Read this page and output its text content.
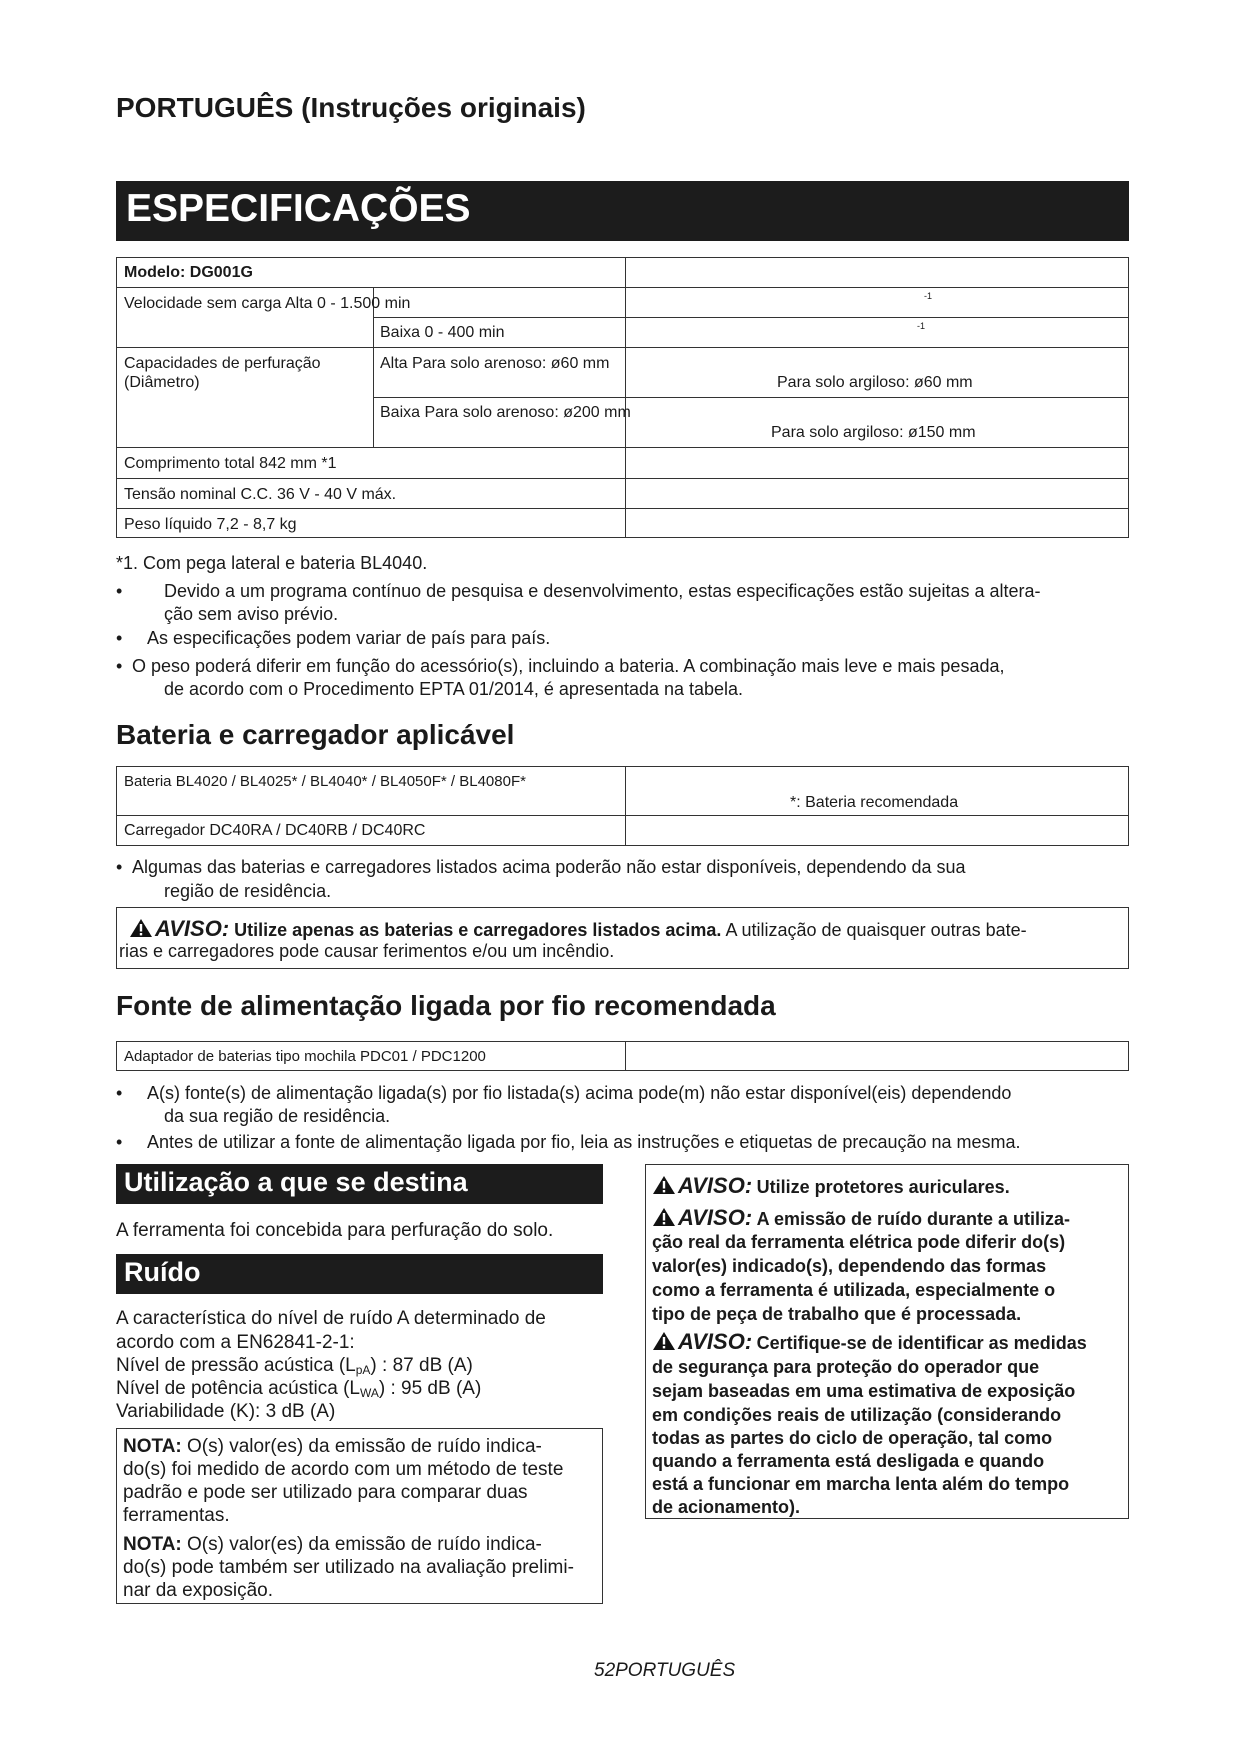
PORTUGUÊS (Instruções originais)
ESPECIFICAÇÕES
Modelo: DG001G
Velocidade sem carga Alta 0 - 1.500 min	-1
Baixa 0 - 400 min	-1
Capacidades de perfuração
(Diâmetro)
Alta Para solo arenoso: ø60 mm
Para solo argiloso: ø60 mm
Baixa Para solo arenoso: ø200 mm
Para solo argiloso: ø150 mm
Comprimento total 842 mm *1
Tensão nominal C.C. 36 V - 40 V máx.
Peso líquido 7,2 - 8,7 kg
*1. Com pega lateral e bateria BL4040.
• Devido a um programa contínuo de pesquisa e desenvolvimento, estas especificações estão sujeitas a altera-
ção sem aviso prévio.
• As especificações podem variar de país para país.
• O peso poderá diferir em função do acessório(s), incluindo a bateria. A combinação mais leve e mais pesada,
de acordo com o Procedimento EPTA 01/2014, é apresentada na tabela.
Bateria e carregador aplicável
Bateria BL4020 / BL4025* / BL4040* / BL4050F* / BL4080F*
*: Bateria recomendada
Carregador DC40RA / DC40RB / DC40RC
• Algumas das baterias e carregadores listados acima poderão não estar disponíveis, dependendo da sua
região de residência.
AVISO: Utilize apenas as baterias e carregadores listados acima. A utilização de quaisquer outras bate-
rias e carregadores pode causar ferimentos e/ou um incêndio.
Fonte de alimentação ligada por fio recomendada
Adaptador de baterias tipo mochila PDC01 / PDC1200
• A(s) fonte(s) de alimentação ligada(s) por fio listada(s) acima pode(m) não estar disponível(eis) dependendo
da sua região de residência.
• Antes de utilizar a fonte de alimentação ligada por fio, leia as instruções e etiquetas de precaução na mesma.
Utilização a que se destina
A ferramenta foi concebida para perfuração do solo.
Ruído
A característica do nível de ruído A determinado de
acordo com a EN62841-2-1:
Nível de pressão acústica $(L_{pA})$ : 87 dB (A)
Nível de potência acústica $(L_{WA})$ : 95 dB (A)
Variabilidade (K): 3 dB (A)
NOTA: O(s) valor(es) da emissão de ruído indica-
do(s) foi medido de acordo com um método de teste
padrão e pode ser utilizado para comparar duas
ferramentas.
NOTA: O(s) valor(es) da emissão de ruído indica-
do(s) pode também ser utilizado na avaliação prelimi-
nar da exposição.
AVISO: Utilize protetores auriculares.
AVISO: A emissão de ruído durante a utiliza-
ção real da ferramenta elétrica pode diferir do(s)
valor(es) indicado(s), dependendo das formas
como a ferramenta é utilizada, especialmente o
tipo de peça de trabalho que é processada.
AVISO: Certifique-se de identificar as medidas
de segurança para proteção do operador que
sejam baseadas em uma estimativa de exposição
em condições reais de utilização (considerando
todas as partes do ciclo de operação, tal como
quando a ferramenta está desligada e quando
está a funcionar em marcha lenta além do tempo
de acionamento).
52PORTUGUÊS
